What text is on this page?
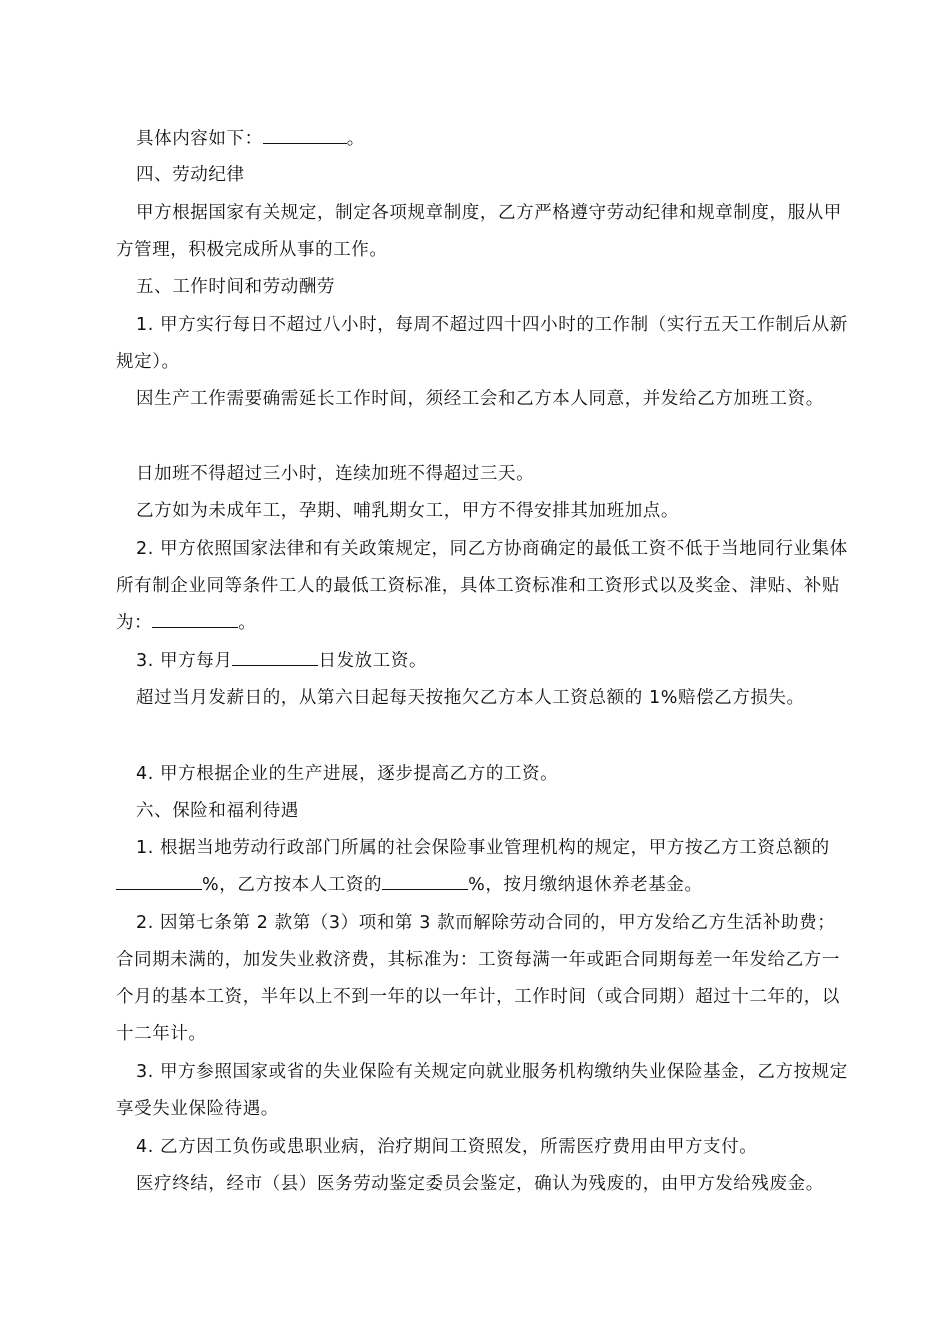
具体内容如下：	。

四、劳动纪律

甲方根据国家有关规定，制定各项规章制度，乙方严格遵守劳动纪律和规章制度，服从甲方管理，积极完成所从事的工作。

五、工作时间和劳动酬劳

1. 甲方实行每日不超过八小时，每周不超过四十四小时的工作制（实行五天工作制后从新规定）。

因生产工作需要确需延长工作时间，须经工会和乙方本人同意，并发给乙方加班工资。

日加班不得超过三小时，连续加班不得超过三天。

乙方如为未成年工，孕期、哺乳期女工，甲方不得安排其加班加点。

2. 甲方依照国家法律和有关政策规定，同乙方协商确定的最低工资不低于当地同行业集体所有制企业同等条件工人的最低工资标准，具体工资标准和工资形式以及奖金、津贴、补贴为：	。

3. 甲方每月	日发放工资。

超过当月发薪日的，从第六日起每天按拖欠乙方本人工资总额的 1%赔偿乙方损失。

4. 甲方根据企业的生产进展，逐步提高乙方的工资。

六、保险和福利待遇

1. 根据当地劳动行政部门所属的社会保险事业管理机构的规定，甲方按乙方工资总额的%，乙方按本人工资的	%，按月缴纳退休养老基金。

2. 因第七条第 2 款第（3）项和第 3 款而解除劳动合同的，甲方发给乙方生活补助费；合同期未满的，加发失业救济费，其标准为：工资每满一年或距合同期每差一年发给乙方一个月的基本工资，半年以上不到一年的以一年计，工作时间（或合同期）超过十二年的，以十二年计。

3. 甲方参照国家或省的失业保险有关规定向就业服务机构缴纳失业保险基金，乙方按规定享受失业保险待遇。

4. 乙方因工负伤或患职业病，治疗期间工资照发，所需医疗费用由甲方支付。

医疗终结，经市（县）医务劳动鉴定委员会鉴定，确认为残废的，由甲方发给残废金。
